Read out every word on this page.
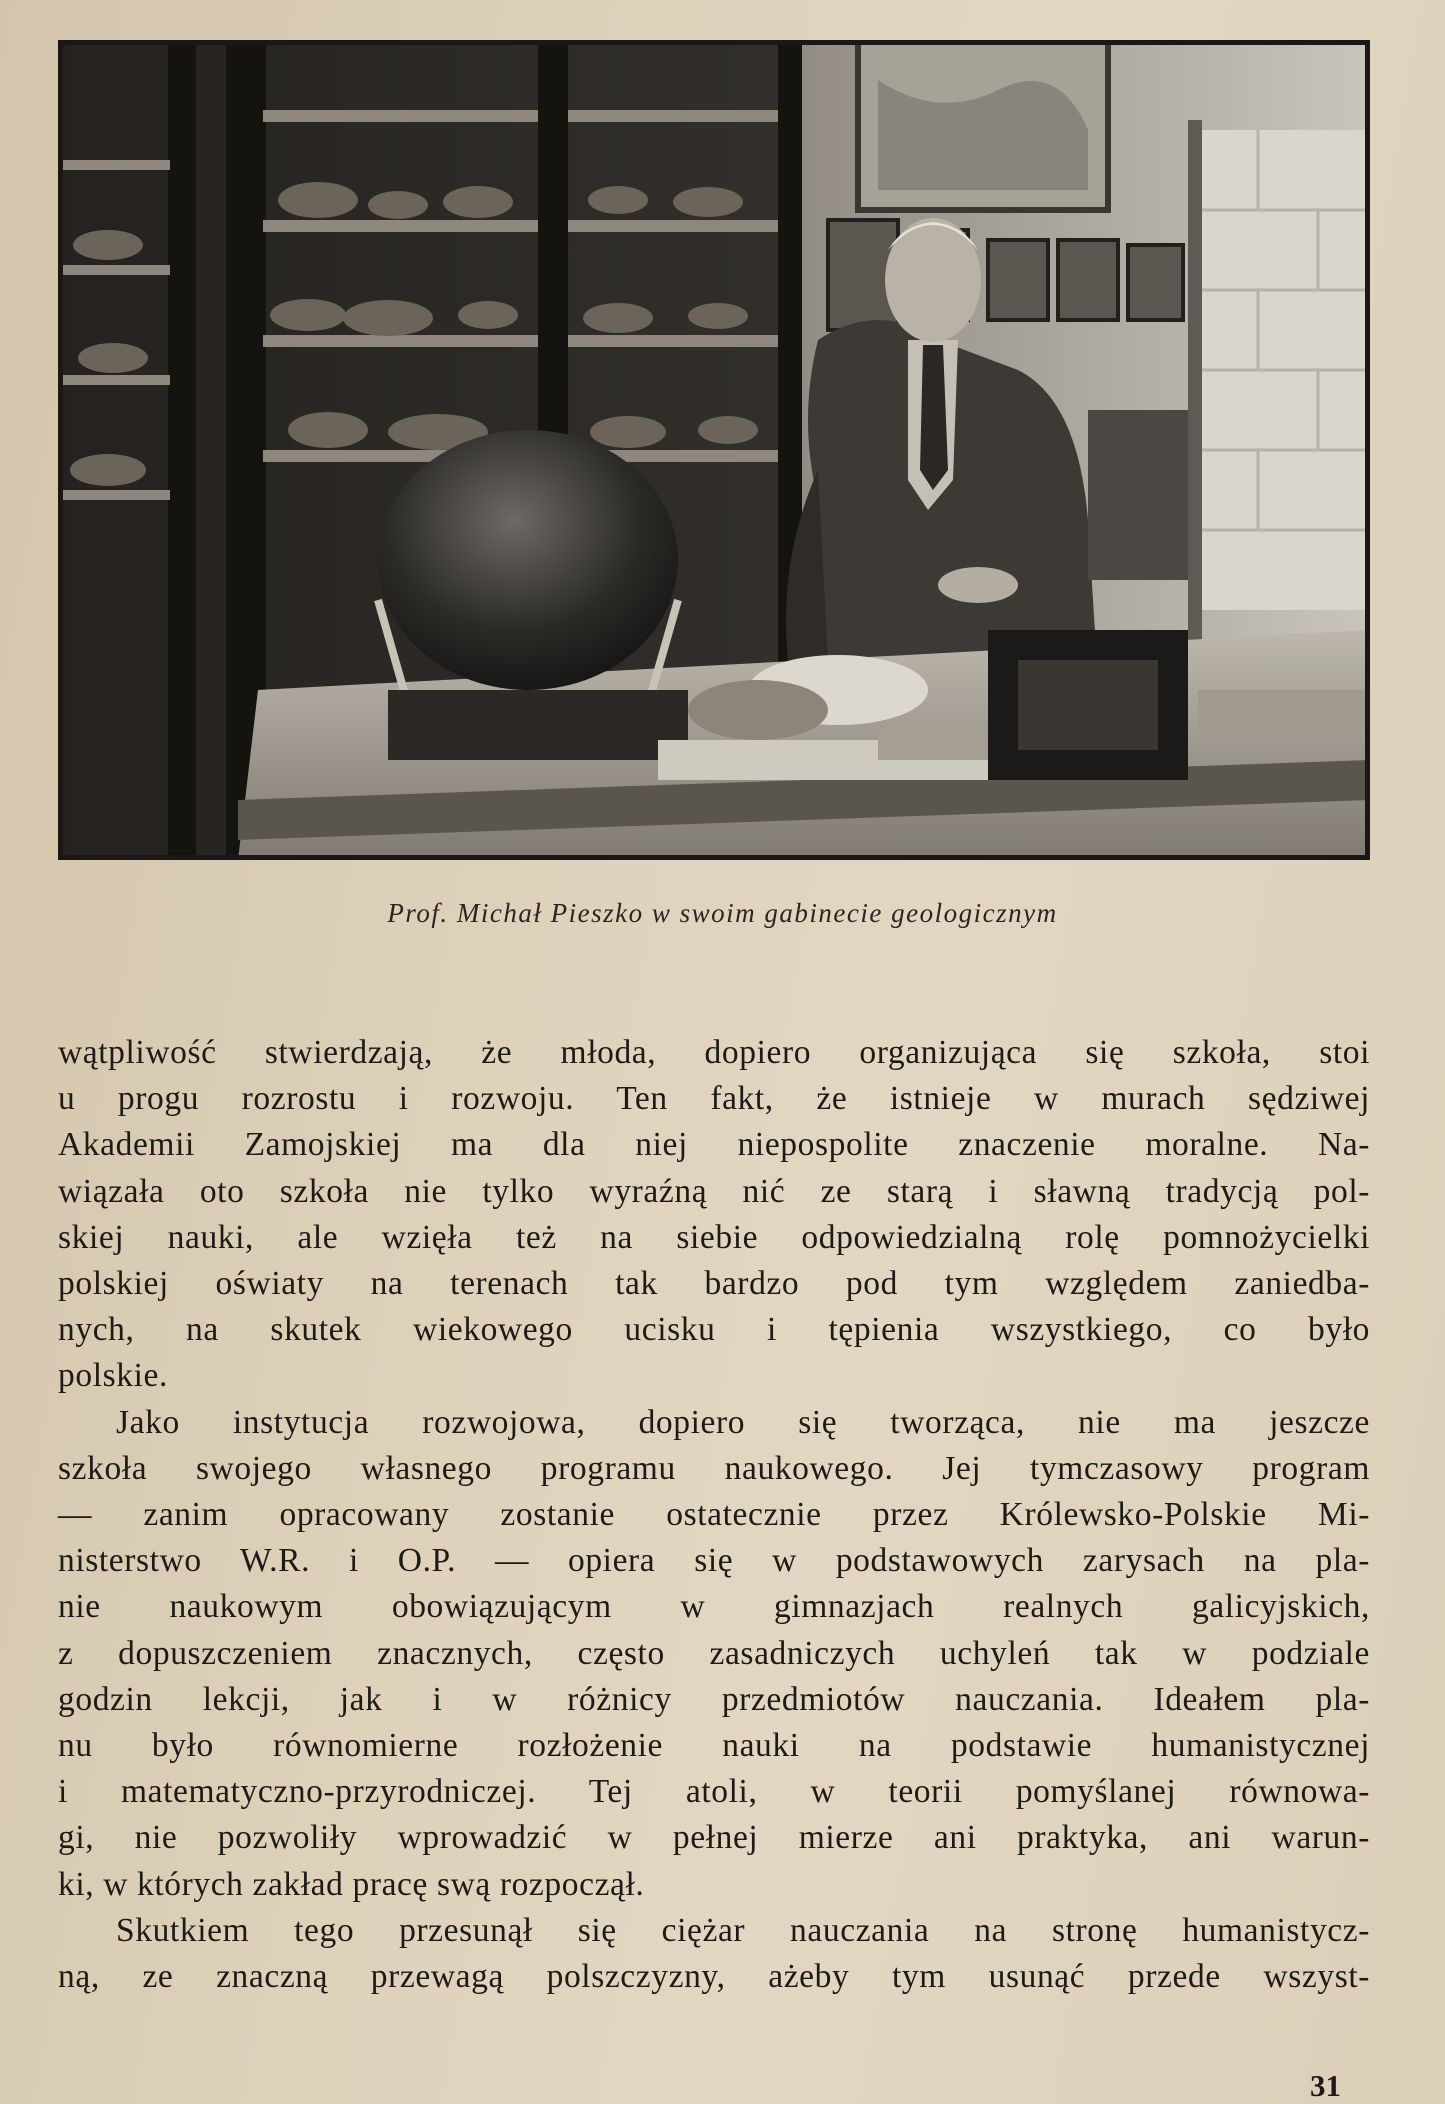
Prof. Michał Pieszko w swoim gabinecie geologicznym

wątpliwość stwierdzają, że młoda, dopiero organizująca się szkoła, stoi
u progu rozrostu i rozwoju. Ten fakt, że istnieje w murach sędziwej
Akademii Zamojskiej ma dla niej niepospolite znaczenie moralne. Na-
wiązała oto szkoła nie tylko wyraźną nić ze starą i sławną tradycją pol-
skiej nauki, ale wzięła też na siebie odpowiedzialną rolę pomnożycielki
polskiej oświaty na terenach tak bardzo pod tym względem zaniedba-
nych, na skutek wiekowego ucisku i tępienia wszystkiego, co było
polskie.

Jako instytucja rozwojowa, dopiero się tworząca, nie ma jeszcze
szkoła swojego własnego programu naukowego. Jej tymczasowy program
— zanim opracowany zostanie ostatecznie przez Królewsko-Polskie Mi-
nisterstwo W.R. i O.P. — opiera się w podstawowych zarysach na pla-
nie naukowym obowiązującym w gimnazjach realnych galicyjskich,
z dopuszczeniem znacznych, często zasadniczych uchyleń tak w podziale
godzin lekcji, jak i w różnicy przedmiotów nauczania. Ideałem pla-
nu było równomierne rozłożenie nauki na podstawie humanistycznej
i matematyczno-przyrodniczej. Tej atoli, w teorii pomyślanej równowa-
gi, nie pozwoliły wprowadzić w pełnej mierze ani praktyka, ani warun-
ki, w których zakład pracę swą rozpoczął.

Skutkiem tego przesunął się ciężar nauczania na stronę humanistycz-
ną, ze znaczną przewagą polszczyzny, ażeby tym usunąć przede wszyst-

31
